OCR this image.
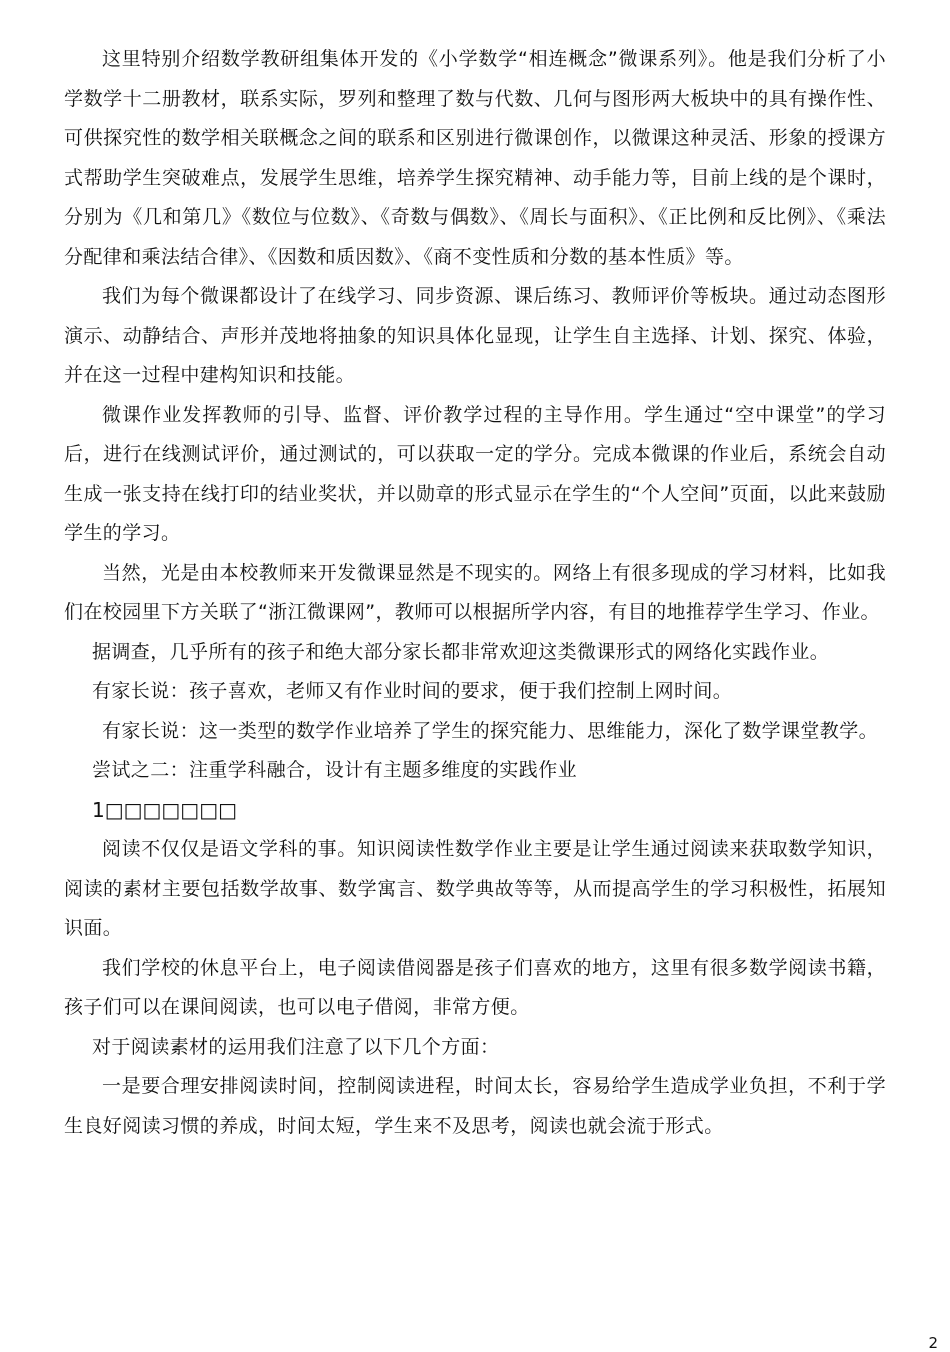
这里特别介绍数学教研组集体开发的《小学数学“相连概念”微课系列》。他是我们分析了小学数学十二册教材，联系实际，罗列和整理了数与代数、几何与图形两大板块中的具有操作性、可供探究性的数学相关联概念之间的联系和区别进行微课创作，以微课这种灵活、形象的授课方式帮助学生突破难点，发展学生思维，培养学生探究精神、动手能力等，目前上线的是个课时，分别为《几和第几》《数位与位数》、《奇数与偶数》、《周长与面积》、《正比例和反比例》、《乘法分配律和乘法结合律》、《因数和质因数》、《商不变性质和分数的基本性质》等。

我们为每个微课都设计了在线学习、同步资源、课后练习、教师评价等板块。通过动态图形演示、动静结合、声形并茂地将抽象的知识具体化显现，让学生自主选择、计划、探究、体验，并在这一过程中建构知识和技能。

微课作业发挥教师的引导、监督、评价教学过程的主导作用。学生通过“空中课堂”的学习后，进行在线测试评价，通过测试的，可以获取一定的学分。完成本微课的作业后，系统会自动生成一张支持在线打印的结业奖状，并以勋章的形式显示在学生的“个人空间”页面，以此来鼓励学生的学习。

当然，光是由本校教师来开发微课显然是不现实的。网络上有很多现成的学习材料，比如我们在校园里下方关联了“浙江微课网”，教师可以根据所学内容，有目的地推荐学生学习、作业。

据调查，几乎所有的孩子和绝大部分家长都非常欢迎这类微课形式的网络化实践作业。

有家长说：孩子喜欢，老师又有作业时间的要求，便于我们控制上网时间。

有家长说：这一类型的数学作业培养了学生的探究能力、思维能力，深化了数学课堂教学。

尝试之二：注重学科融合，设计有主题多维度的实践作业

1□□□□□□□

阅读不仅仅是语文学科的事。知识阅读性数学作业主要是让学生通过阅读来获取数学知识，阅读的素材主要包括数学故事、数学寓言、数学典故等等，从而提高学生的学习积极性，拓展知识面。

我们学校的休息平台上，电子阅读借阅器是孩子们喜欢的地方，这里有很多数学阅读书籍，孩子们可以在课间阅读，也可以电子借阅，非常方便。

对于阅读素材的运用我们注意了以下几个方面：

一是要合理安排阅读时间，控制阅读进程，时间太长，容易给学生造成学业负担，不利于学生良好阅读习惯的养成，时间太短，学生来不及思考，阅读也就会流于形式。

2
